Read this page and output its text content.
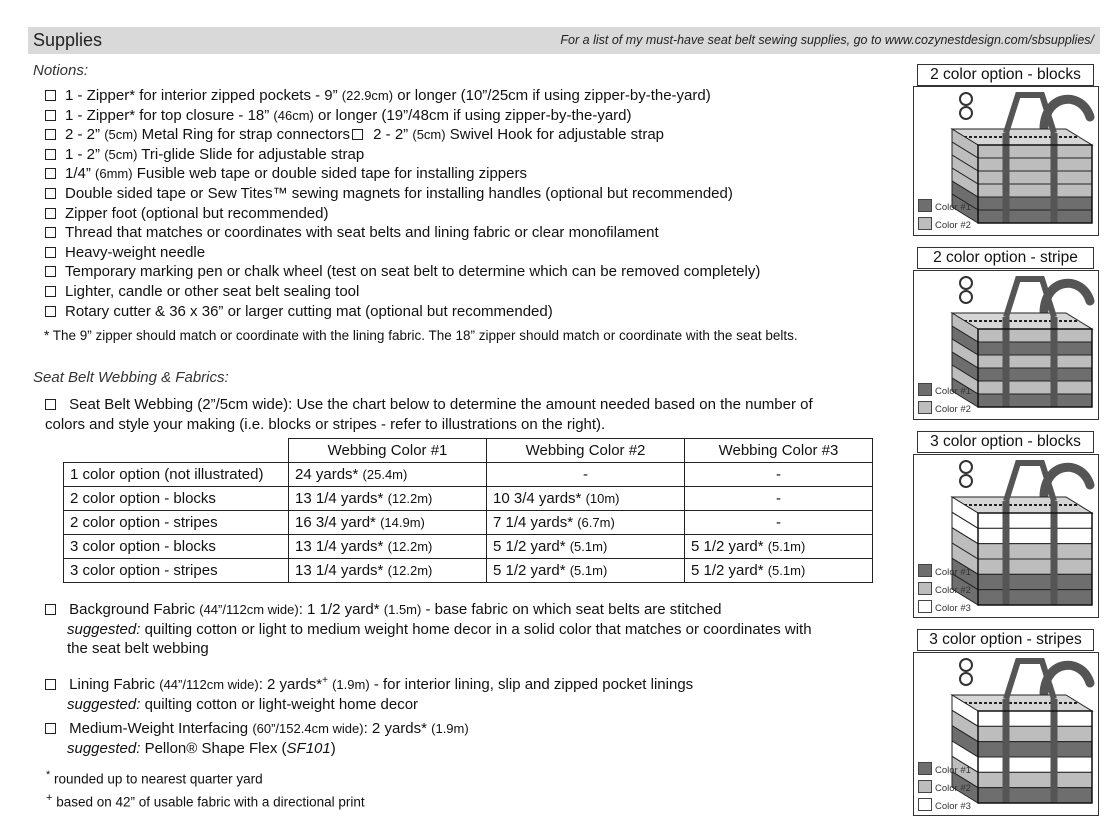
Supplies	For a list of my must-have seat belt sewing supplies, go to www.cozynestdesign.com/sbsupplies/
Notions:
1 - Zipper* for interior zipped pockets - 9” (22.9cm) or longer (10”/25cm if using zipper-by-the-yard)
1 - Zipper* for top closure - 18” (46cm) or longer (19”/48cm if using zipper-by-the-yard)
2 - 2” (5cm) Metal Ring for strap connectors 2 - 2” (5cm) Swivel Hook for adjustable strap
1 - 2” (5cm) Tri-glide Slide for adjustable strap
1/4” (6mm) Fusible web tape or double sided tape for installing zippers
Double sided tape or Sew Tites™ sewing magnets for installing handles (optional but recommended)
Zipper foot (optional but recommended)
Thread that matches or coordinates with seat belts and lining fabric or clear monofilament
Heavy-weight needle
Temporary marking pen or chalk wheel (test on seat belt to determine which can be removed completely)
Lighter, candle or other seat belt sealing tool
Rotary cutter & 36 x 36” or larger cutting mat (optional but recommended)
* The 9” zipper should match or coordinate with the lining fabric. The 18” zipper should match or coordinate with the seat belts.
Seat Belt Webbing & Fabrics:
Seat Belt Webbing (2”/5cm wide): Use the chart below to determine the amount needed based on the number of
colors and style your making (i.e. blocks or stripes - refer to illustrations on the right).
	Webbing Color #1	Webbing Color #2	Webbing Color #3
1 color option (not illustrated)	24 yards* (25.4m)	-	-
2 color option - blocks	13 1/4 yards* (12.2m)	10 3/4 yards* (10m)	-
2 color option - stripes	16 3/4 yard* (14.9m)	7 1/4 yards* (6.7m)	-
3 color option - blocks	13 1/4 yards* (12.2m)	5 1/2 yard* (5.1m)	5 1/2 yard* (5.1m)
3 color option - stripes	13 1/4 yards* (12.2m)	5 1/2 yard* (5.1m)	5 1/2 yard* (5.1m)
Background Fabric (44”/112cm wide): 1 1/2 yard* (1.5m) - base fabric on which seat belts are stitched
suggested: quilting cotton or light to medium weight home decor in a solid color that matches or coordinates with
the seat belt webbing
Lining Fabric (44”/112cm wide): 2 yards*+ (1.9m) - for interior lining, slip and zipped pocket linings
suggested: quilting cotton or light-weight home decor
Medium-Weight Interfacing (60”/152.4cm wide): 2 yards* (1.9m)
suggested: Pellon® Shape Flex (SF101)
* rounded up to nearest quarter yard
+ based on 42” of usable fabric with a directional print
2 color option - blocks
Color #1
Color #2
2 color option - stripe
Color #1
Color #2
3 color option - blocks
Color #1
Color #2
Color #3
3 color option - stripes
Color #1
Color #2
Color #3
